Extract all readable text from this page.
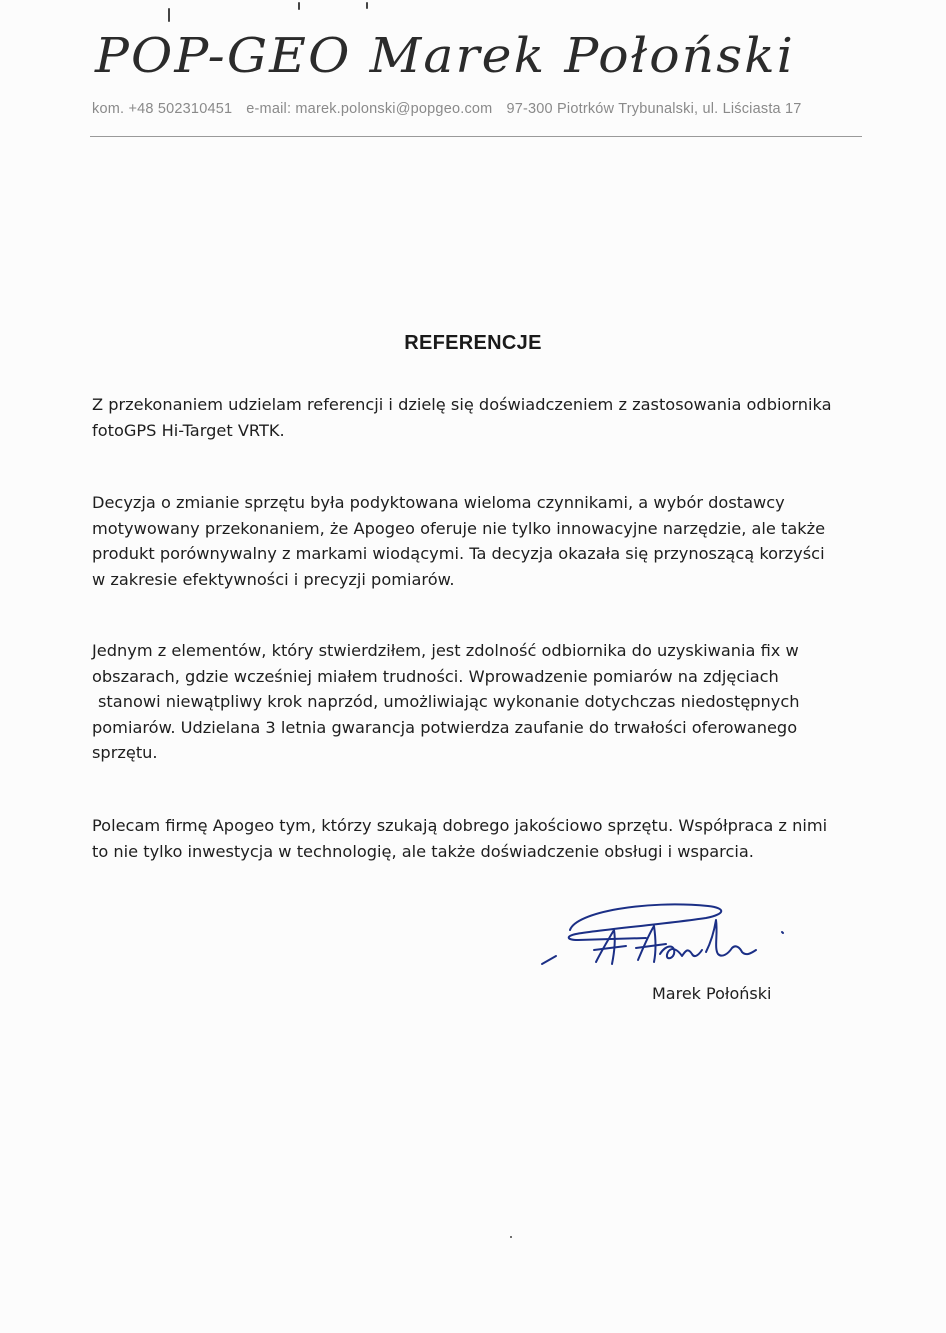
POP-GEO Marek Połoński
kom. +48 502310451 e-mail: marek.polonski@popgeo.com 97-300 Piotrków Trybunalski, ul. Liściasta 17
REFERENCJE

Z przekonaniem udzielam referencji i dzielę się doświadczeniem z zastosowania odbiornika
fotoGPS Hi-Target VRTK.

Decyzja o zmianie sprzętu była podyktowana wieloma czynnikami, a wybór dostawcy
motywowany przekonaniem, że Apogeo oferuje nie tylko innowacyjne narzędzie, ale także
produkt porównywalny z markami wiodącymi. Ta decyzja okazała się przynoszącą korzyści
w zakresie efektywności i precyzji pomiarów.

Jednym z elementów, który stwierdziłem, jest zdolność odbiornika do uzyskiwania fix w
obszarach, gdzie wcześniej miałem trudności. Wprowadzenie pomiarów na zdjęciach
stanowi niewątpliwy krok naprzód, umożliwiając wykonanie dotychczas niedostępnych
pomiarów. Udzielana 3 letnia gwarancja potwierdza zaufanie do trwałości oferowanego
sprzętu.

Polecam firmę Apogeo tym, którzy szukają dobrego jakościowo sprzętu. Współpraca z nimi
to nie tylko inwestycja w technologię, ale także doświadczenie obsługi i wsparcia.

Marek Połoński
